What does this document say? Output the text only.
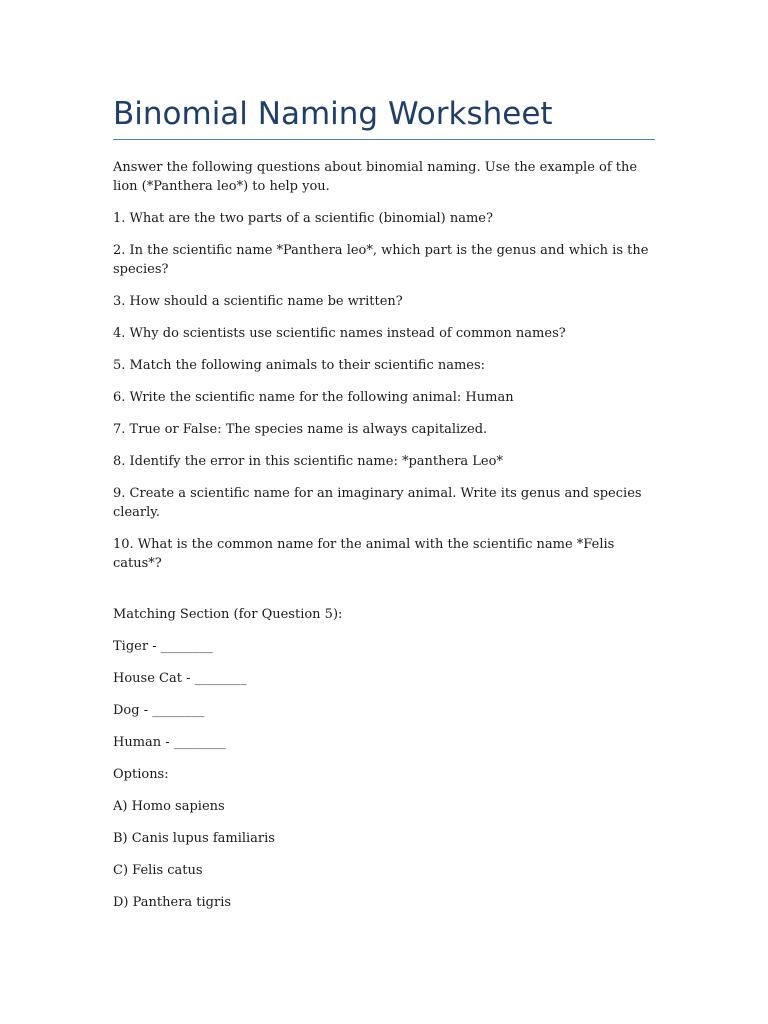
Binomial Naming Worksheet

Answer the following questions about binomial naming. Use the example of the lion (*Panthera leo*) to help you.

1. What are the two parts of a scientific (binomial) name?

2. In the scientific name *Panthera leo*, which part is the genus and which is the species?

3. How should a scientific name be written?

4. Why do scientists use scientific names instead of common names?

5. Match the following animals to their scientific names:

6. Write the scientific name for the following animal: Human

7. True or False: The species name is always capitalized.

8. Identify the error in this scientific name: *panthera Leo*

9. Create a scientific name for an imaginary animal. Write its genus and species clearly.

10. What is the common name for the animal with the scientific name *Felis catus*?

Matching Section (for Question 5):

Tiger - ________

House Cat - ________

Dog - ________

Human - ________

Options:

A) Homo sapiens

B) Canis lupus familiaris

C) Felis catus

D) Panthera tigris
